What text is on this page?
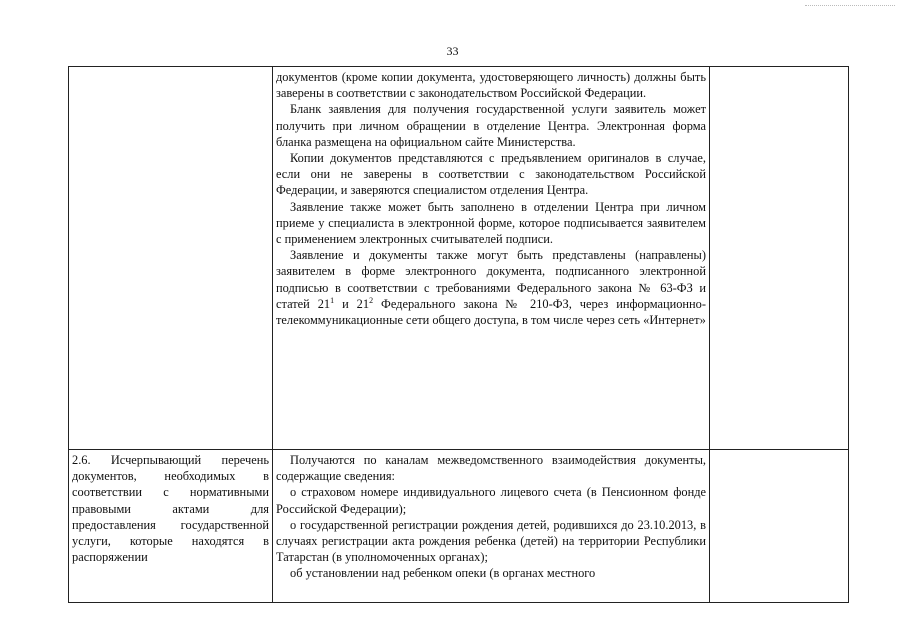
33

	документов (кроме копии документа, удостоверяющего личность) должны быть заверены в соответствии с законодательством Российской Федерации.
Бланк заявления для получения государственной услуги заявитель может получить при личном обращении в отделение Центра. Электронная форма бланка размещена на официальном сайте Министерства.
Копии документов представляются с предъявлением оригиналов в случае, если они не заверены в соответствии с законодательством Российской Федерации, и заверяются специалистом отделения Центра.
Заявление также может быть заполнено в отделении Центра при личном приеме у специалиста в электронной форме, которое подписывается заявителем с применением электронных считывателей подписи.
Заявление и документы также могут быть представлены (направлены) заявителем в форме электронного документа, подписанного электронной подписью в соответствии с требованиями Федерального закона № 63-ФЗ и статей $21^1$ и $21^2$ Федерального закона № 210-ФЗ, через информационно-телекоммуникационные сети общего доступа, в том числе через сеть «Интернет»	

2.6. Исчерпывающий перечень документов, необходимых в соответствии с нормативными правовыми актами для предоставления государственной услуги, которые находятся в распоряжении	Получаются по каналам межведомственного взаимодействия документы, содержащие сведения:
о страховом номере индивидуального лицевого счета (в Пенсионном фонде Российской Федерации);
о государственной регистрации рождения детей, родившихся до 23.10.2013, в случаях регистрации акта рождения ребенка (детей) на территории Республики Татарстан (в уполномоченных органах);
об установлении над ребенком опеки (в органах местного	
